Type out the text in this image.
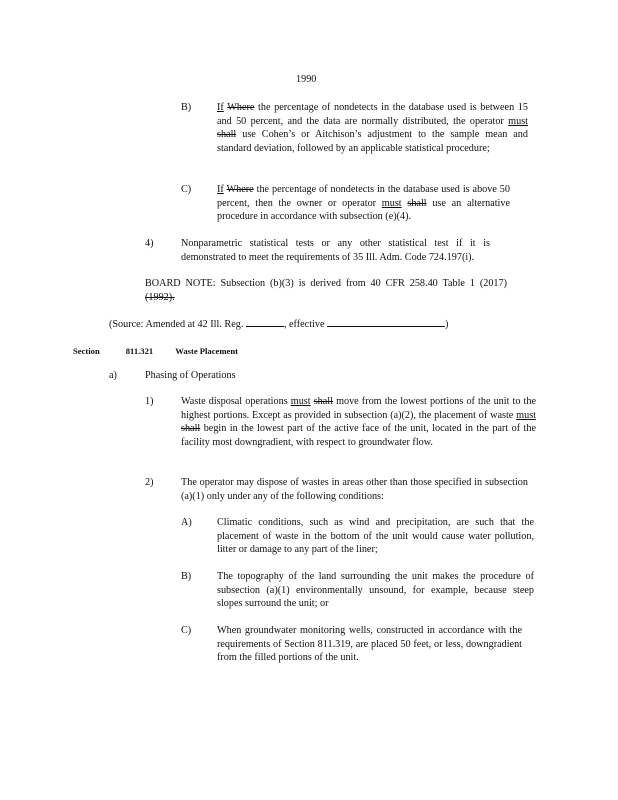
1990
B)	If Where the percentage of nondetects in the database used is between 15 and 50 percent, and the data are normally distributed, the operator must shall use Cohen’s or Aitchison’s adjustment to the sample mean and standard deviation, followed by an applicable statistical procedure;
C)	If Where the percentage of nondetects in the database used is above 50 percent, then the owner or operator must shall use an alternative procedure in accordance with subsection (e)(4).
4)	Nonparametric statistical tests or any other statistical test if it is demonstrated to meet the requirements of 35 Ill. Adm. Code 724.197(i).
BOARD NOTE: Subsection (b)(3) is derived from 40 CFR 258.40 Table 1 (2017) (1992).
(Source: Amended at 42 Ill. Reg.	, effective	)
Section	811.321	Waste Placement
a)	Phasing of Operations
1)	Waste disposal operations must shall move from the lowest portions of the unit to the highest portions. Except as provided in subsection (a)(2), the placement of waste must shall begin in the lowest part of the active face of the unit, located in the part of the facility most downgradient, with respect to groundwater flow.
2)	The operator may dispose of wastes in areas other than those specified in subsection (a)(1) only under any of the following conditions:
A) Climatic conditions, such as wind and precipitation, are such that the placement of waste in the bottom of the unit would cause water pollution, litter or damage to any part of the liner;
B)	The topography of the land surrounding the unit makes the procedure of subsection (a)(1) environmentally unsound, for example, because steep slopes surround the unit; or
C)	When groundwater monitoring wells, constructed in accordance with the requirements of Section 811.319, are placed 50 feet, or less, downgradient from the filled portions of the unit.
